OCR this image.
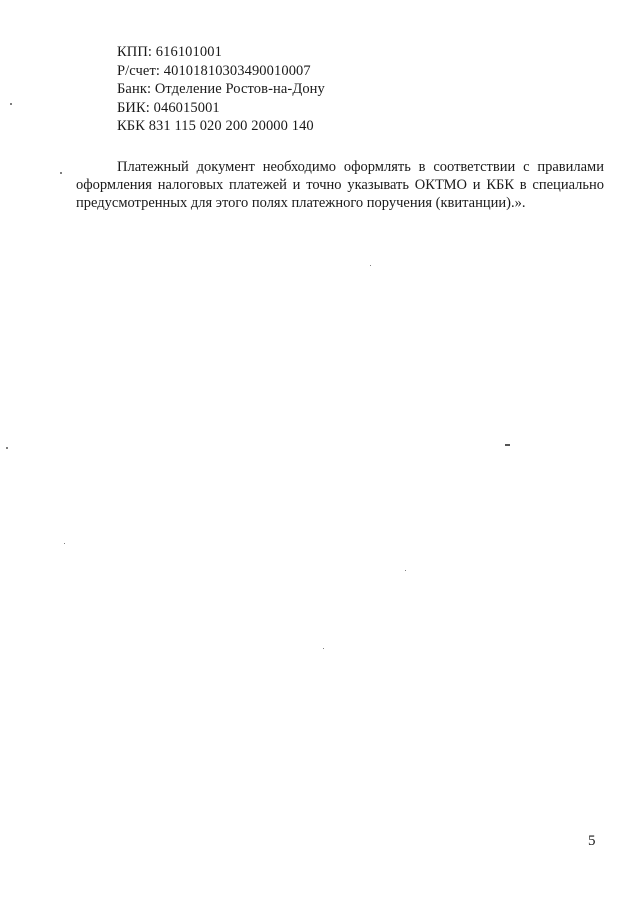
КПП: 616101001
Р/счет: 40101810303490010007
Банк: Отделение Ростов-на-Дону
БИК: 046015001
КБК 831 115 020 200 20000 140
Платежный документ необходимо оформлять в соответствии с правилами оформления налоговых платежей и точно указывать ОКТМО и КБК в специально предусмотренных для этого полях платежного поручения (квитанции).».
5
